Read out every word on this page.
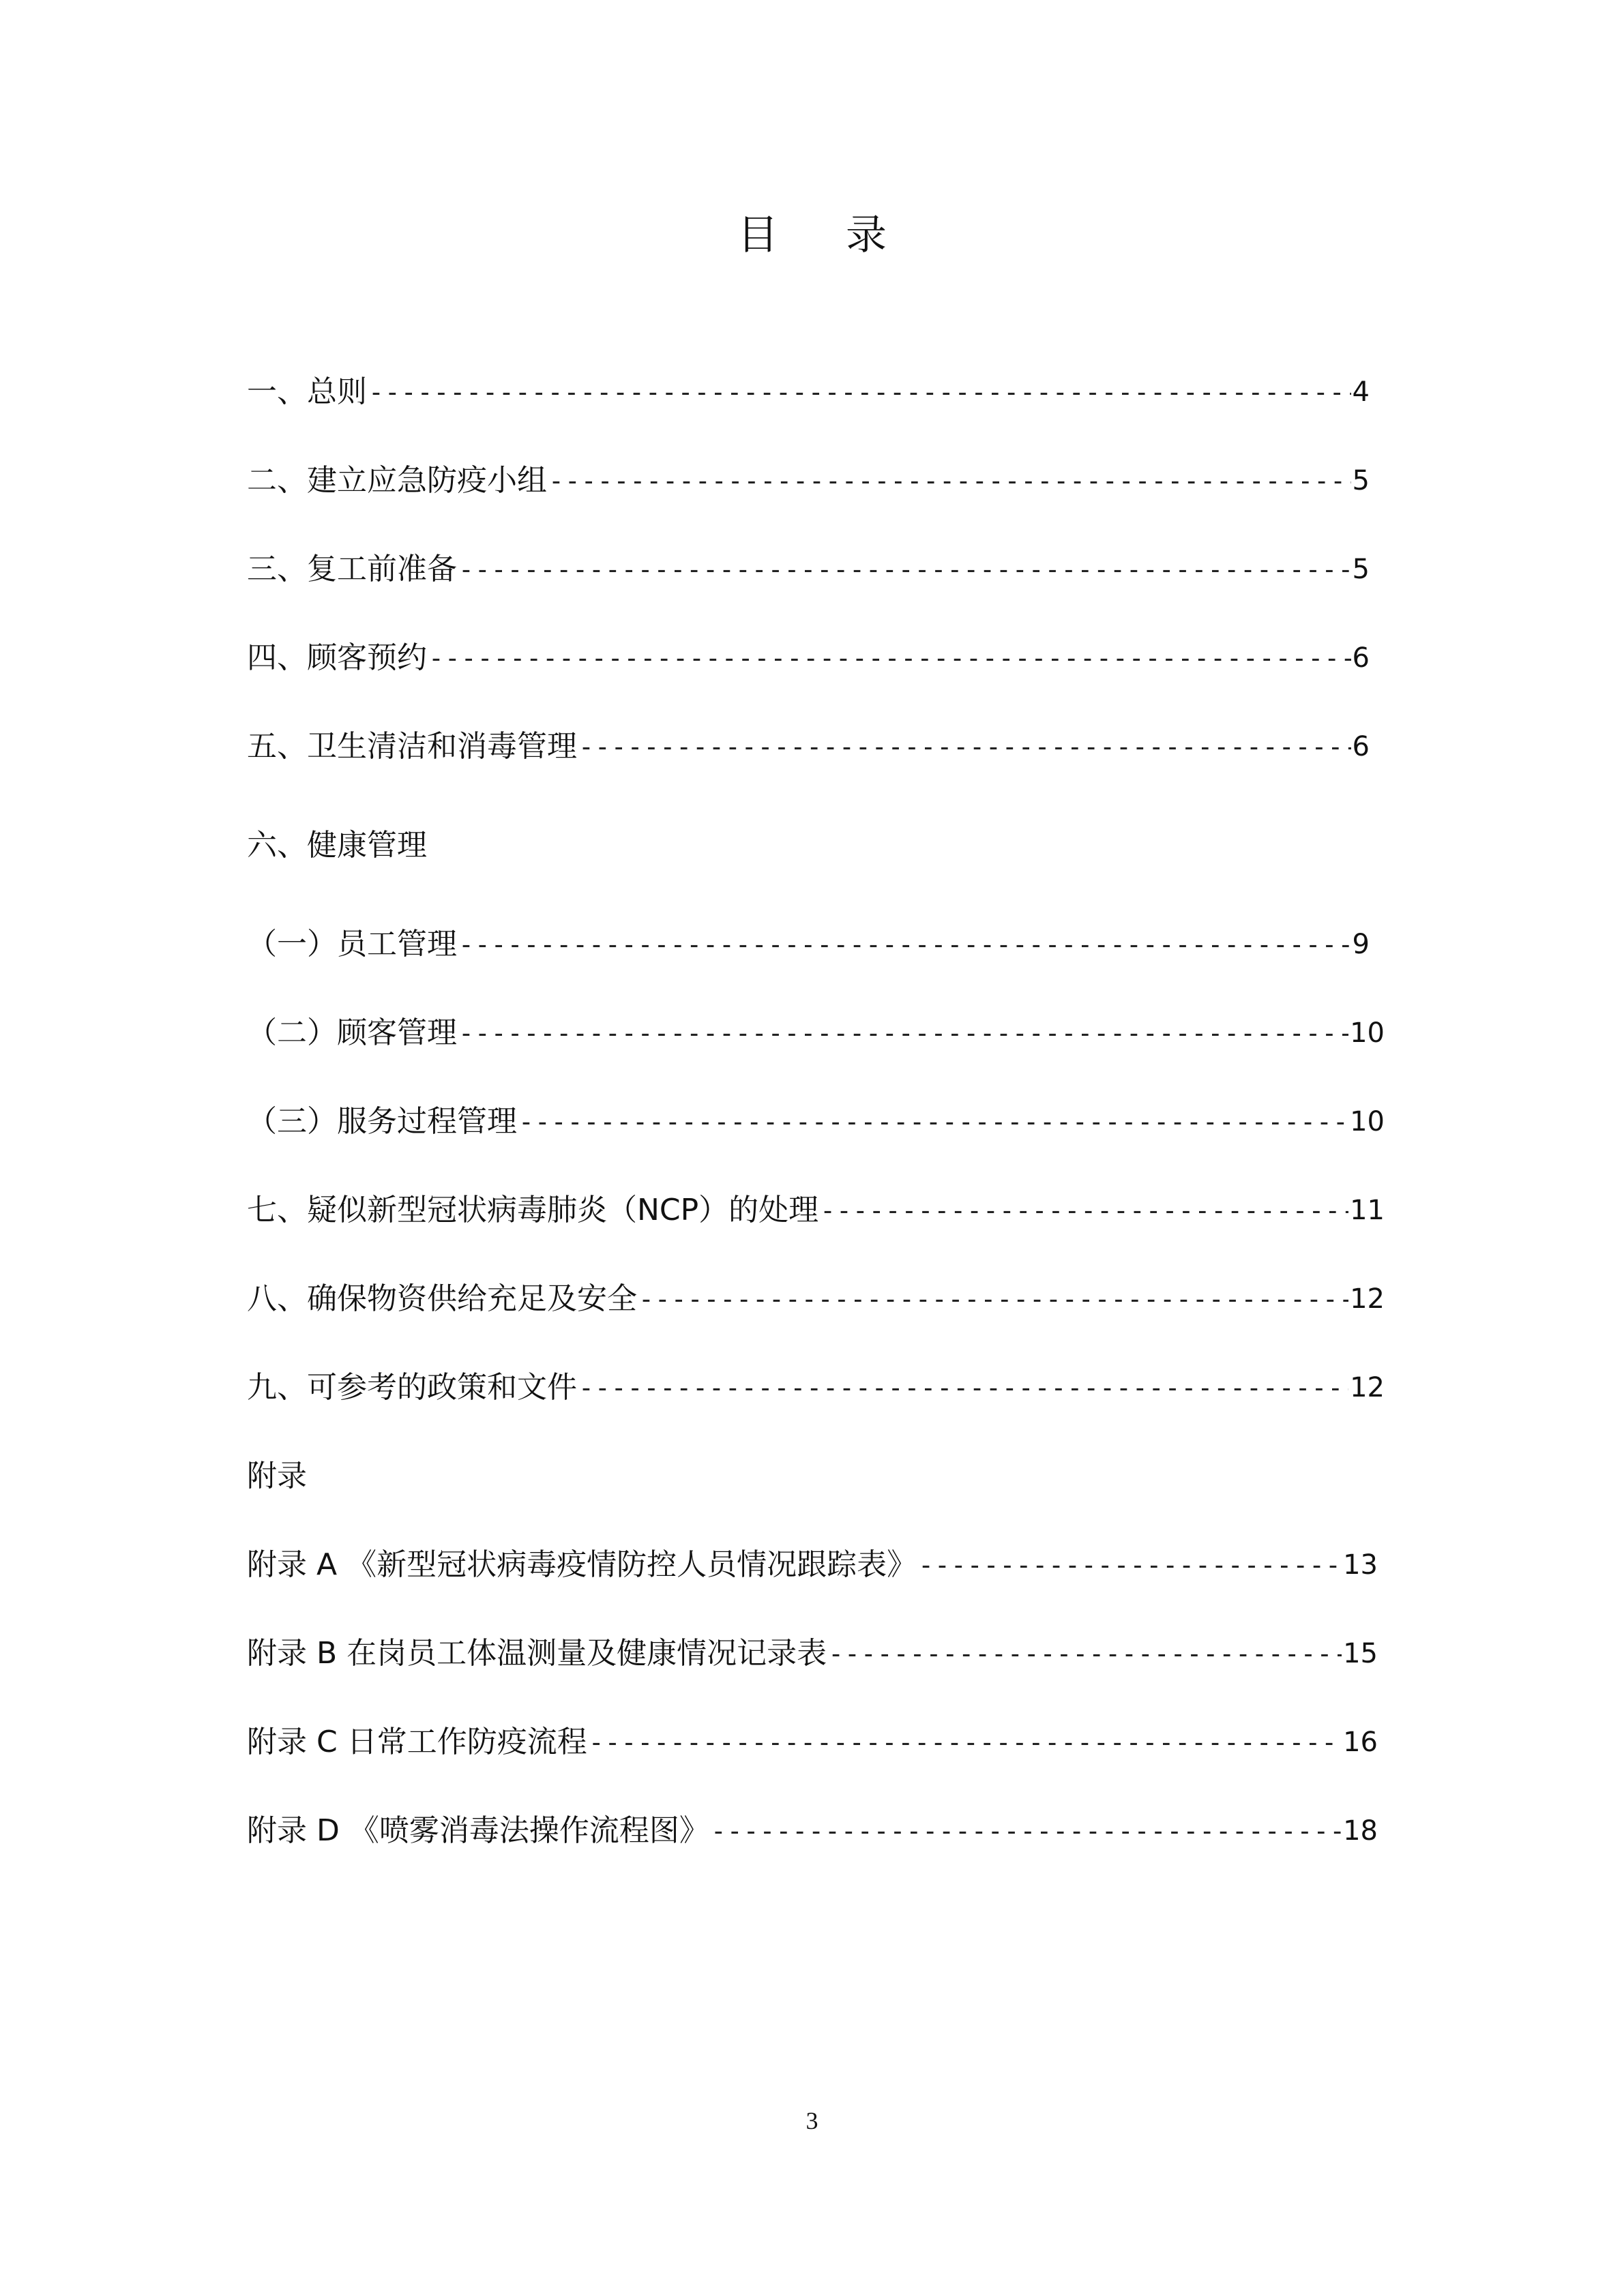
目 录
一、总则 -----	4
二、建立应急防疫小组 -----	5
三、复工前准备 -----	5
四、顾客预约 -----	6
五、卫生清洁和消毒管理 -----	6
六、健康管理
（一）员工管理 -----	9
（二）顾客管理 -----	10
（三）服务过程管理 -----	10
七、疑似新型冠状病毒肺炎（NCP）的处理 -----	11
八、确保物资供给充足及安全 -----	12
九、可参考的政策和文件 -----	12
附录
附录 A 《新型冠状病毒疫情防控人员情况跟踪表》 -----	13
附录 B 在岗员工体温测量及健康情况记录表 -----	15
附录 C 日常工作防疫流程 -----	16
附录 D 《喷雾消毒法操作流程图》 -----	18
3
